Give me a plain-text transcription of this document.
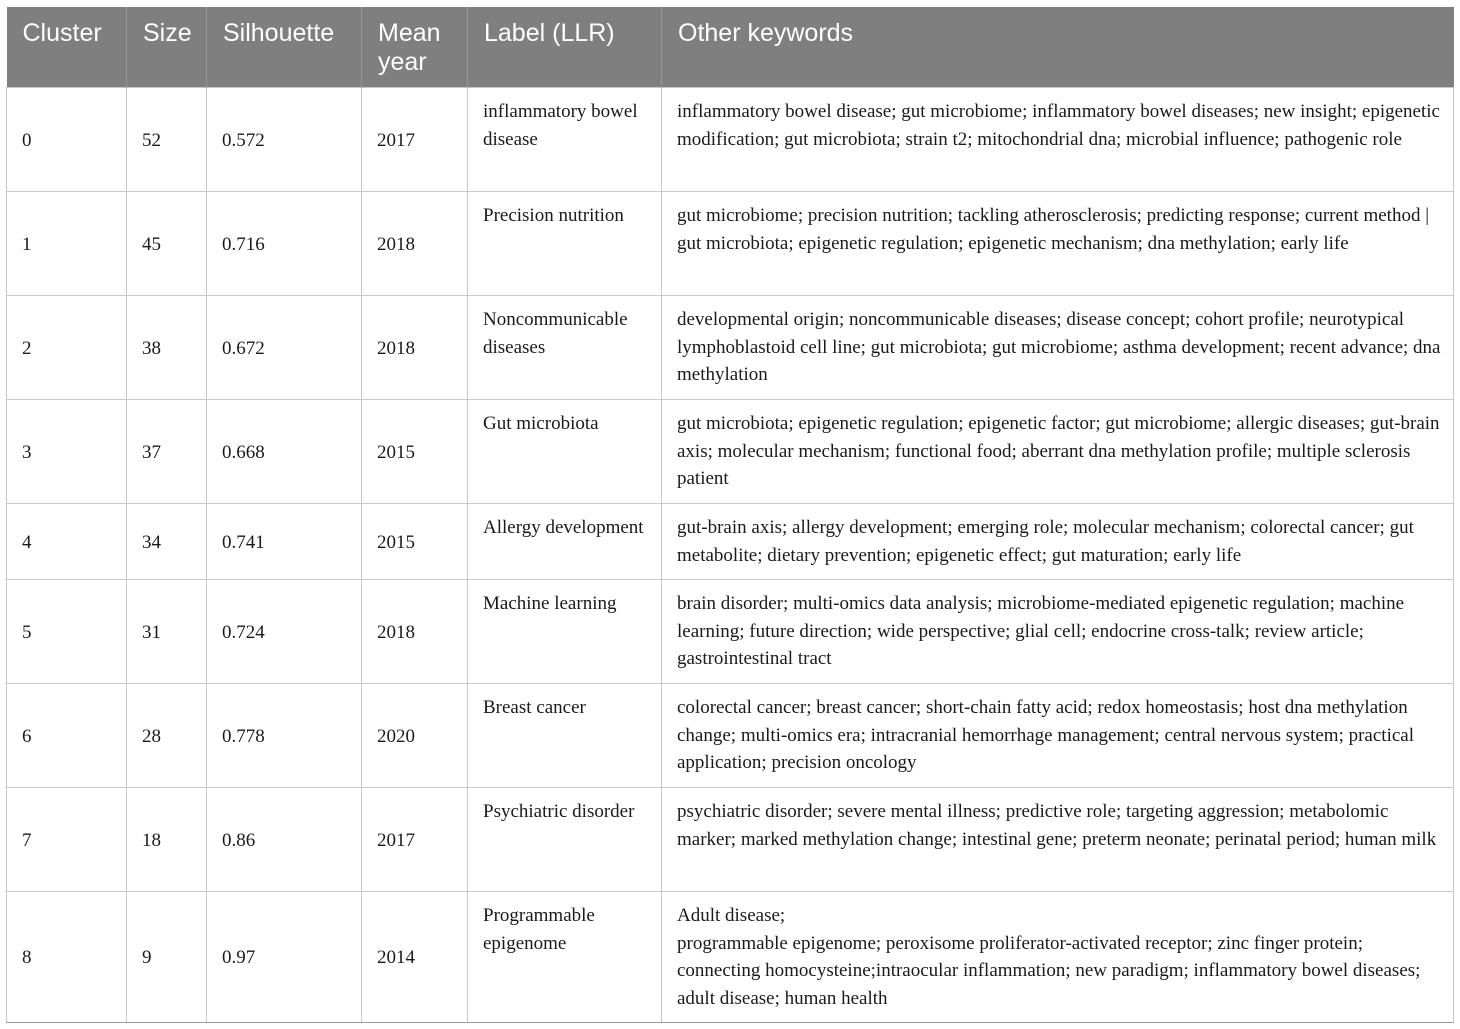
Cluster	Size	Silhouette	Mean year	Label (LLR)	Other keywords
0	52	0.572	2017	inflammatory bowel disease	inflammatory bowel disease; gut microbiome; inflammatory bowel diseases; new insight; epigenetic modification; gut microbiota; strain t2; mitochondrial dna; microbial influence; pathogenic role
1	45	0.716	2018	Precision nutrition	gut microbiome; precision nutrition; tackling atherosclerosis; predicting response; current method | gut microbiota; epigenetic regulation; epigenetic mechanism; dna methylation; early life
2	38	0.672	2018	Noncommunicable diseases	developmental origin; noncommunicable diseases; disease concept; cohort profile; neurotypical lymphoblastoid cell line; gut microbiota; gut microbiome; asthma development; recent advance; dna methylation
3	37	0.668	2015	Gut microbiota	gut microbiota; epigenetic regulation; epigenetic factor; gut microbiome; allergic diseases; gut-brain axis; molecular mechanism; functional food; aberrant dna methylation profile; multiple sclerosis patient
4	34	0.741	2015	Allergy development	gut-brain axis; allergy development; emerging role; molecular mechanism; colorectal cancer; gut metabolite; dietary prevention; epigenetic effect; gut maturation; early life
5	31	0.724	2018	Machine learning	brain disorder; multi-omics data analysis; microbiome-mediated epigenetic regulation; machine learning; future direction; wide perspective; glial cell; endocrine cross-talk; review article; gastrointestinal tract
6	28	0.778	2020	Breast cancer	colorectal cancer; breast cancer; short-chain fatty acid; redox homeostasis; host dna methylation change; multi-omics era; intracranial hemorrhage management; central nervous system; practical application; precision oncology
7	18	0.86	2017	Psychiatric disorder	psychiatric disorder; severe mental illness; predictive role; targeting aggression; metabolomic marker; marked methylation change; intestinal gene; preterm neonate; perinatal period; human milk
8	9	0.97	2014	Programmable epigenome	Adult disease;
programmable epigenome; peroxisome proliferator-activated receptor; zinc finger protein; connecting homocysteine;intraocular inflammation; new paradigm; inflammatory bowel diseases; adult disease; human health
